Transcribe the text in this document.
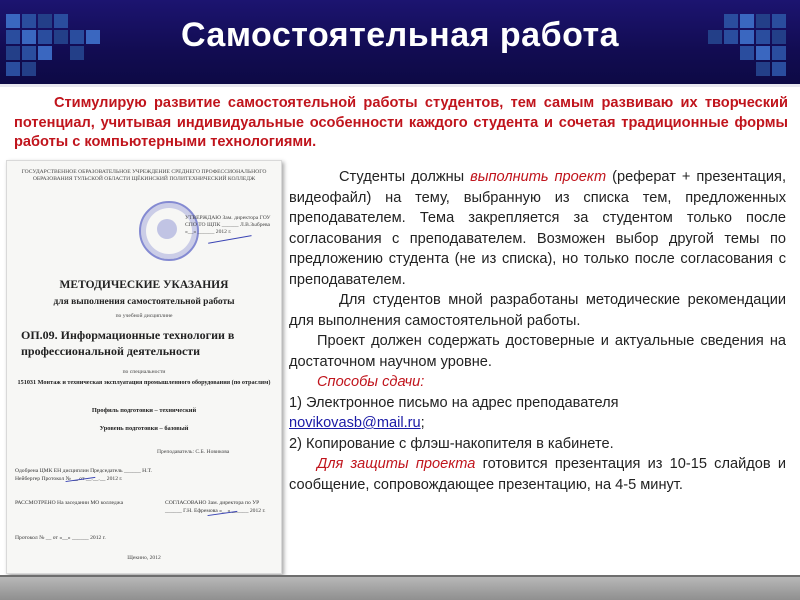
Самостоятельная работа
Стимулирую развитие самостоятельной работы студентов, тем самым развиваю их творческий потенциал, учитывая индивидуальные особенности каждого студента и сочетая традиционные формы работы с компьютерными технологиями.
ГОСУДАРСТВЕННОЕ ОБРАЗОВАТЕЛЬНОЕ УЧРЕЖДЕНИЕ СРЕДНЕГО ПРОФЕССИОНАЛЬНОГО ОБРАЗОВАНИЯ ТУЛЬСКОЙ ОБЛАСТИ ЩЁКИНСКИЙ ПОЛИТЕХНИЧЕСКИЙ КОЛЛЕДЖ
УТВЕРЖДАЮ Зам. директора ГОУ СПО ТО ЩПК ______ Л.В.Зыбрева «__» ______ 2012 г.
МЕТОДИЧЕСКИЕ УКАЗАНИЯ
для выполнения самостоятельной работы
по учебной дисциплине
ОП.09. Информационные технологии в профессиональной деятельности
по специальности
151031 Монтаж и техническая эксплуатация промышленного оборудования (по отраслям)
Профиль подготовки – технический
Уровень подготовки – базовый
Преподаватель: С.Б. Новикова
Одобрена ЦМК ЕН дисциплин Председатель ______ Н.Т. Нейбергер Протокол № __ от __.__.__ 2012 г.
РАССМОТРЕНО На заседании МО колледжа	СОГЛАСОВАНО Зам. директора по УР ______ Г.Н. Ефремова «__» ______ 2012 г.
Протокол № __ от «__» ______ 2012 г.
Щекино, 2012

Студенты должны выполнить проект (реферат + презентация, видеофайл) на тему, выбранную из списка тем, предложенных преподавателем. Тема закрепляется за студентом только после согласования с преподавателем. Возможен выбор другой темы по предложению студента (не из списка), но только после согласования с преподавателем.

Для студентов мной разработаны методические рекомендации для выполнения самостоятельной работы.

Проект должен содержать достоверные и актуальные сведения на достаточном научном уровне.

Способы сдачи:

1) Электронное письмо на адрес преподавателя
novikovasb@mail.ru;

2) Копирование с флэш-накопителя в кабинете.

Для защиты проекта готовится презентация из 10-15 слайдов и сообщение, сопровождающее презентацию, на 4-5 минут.
